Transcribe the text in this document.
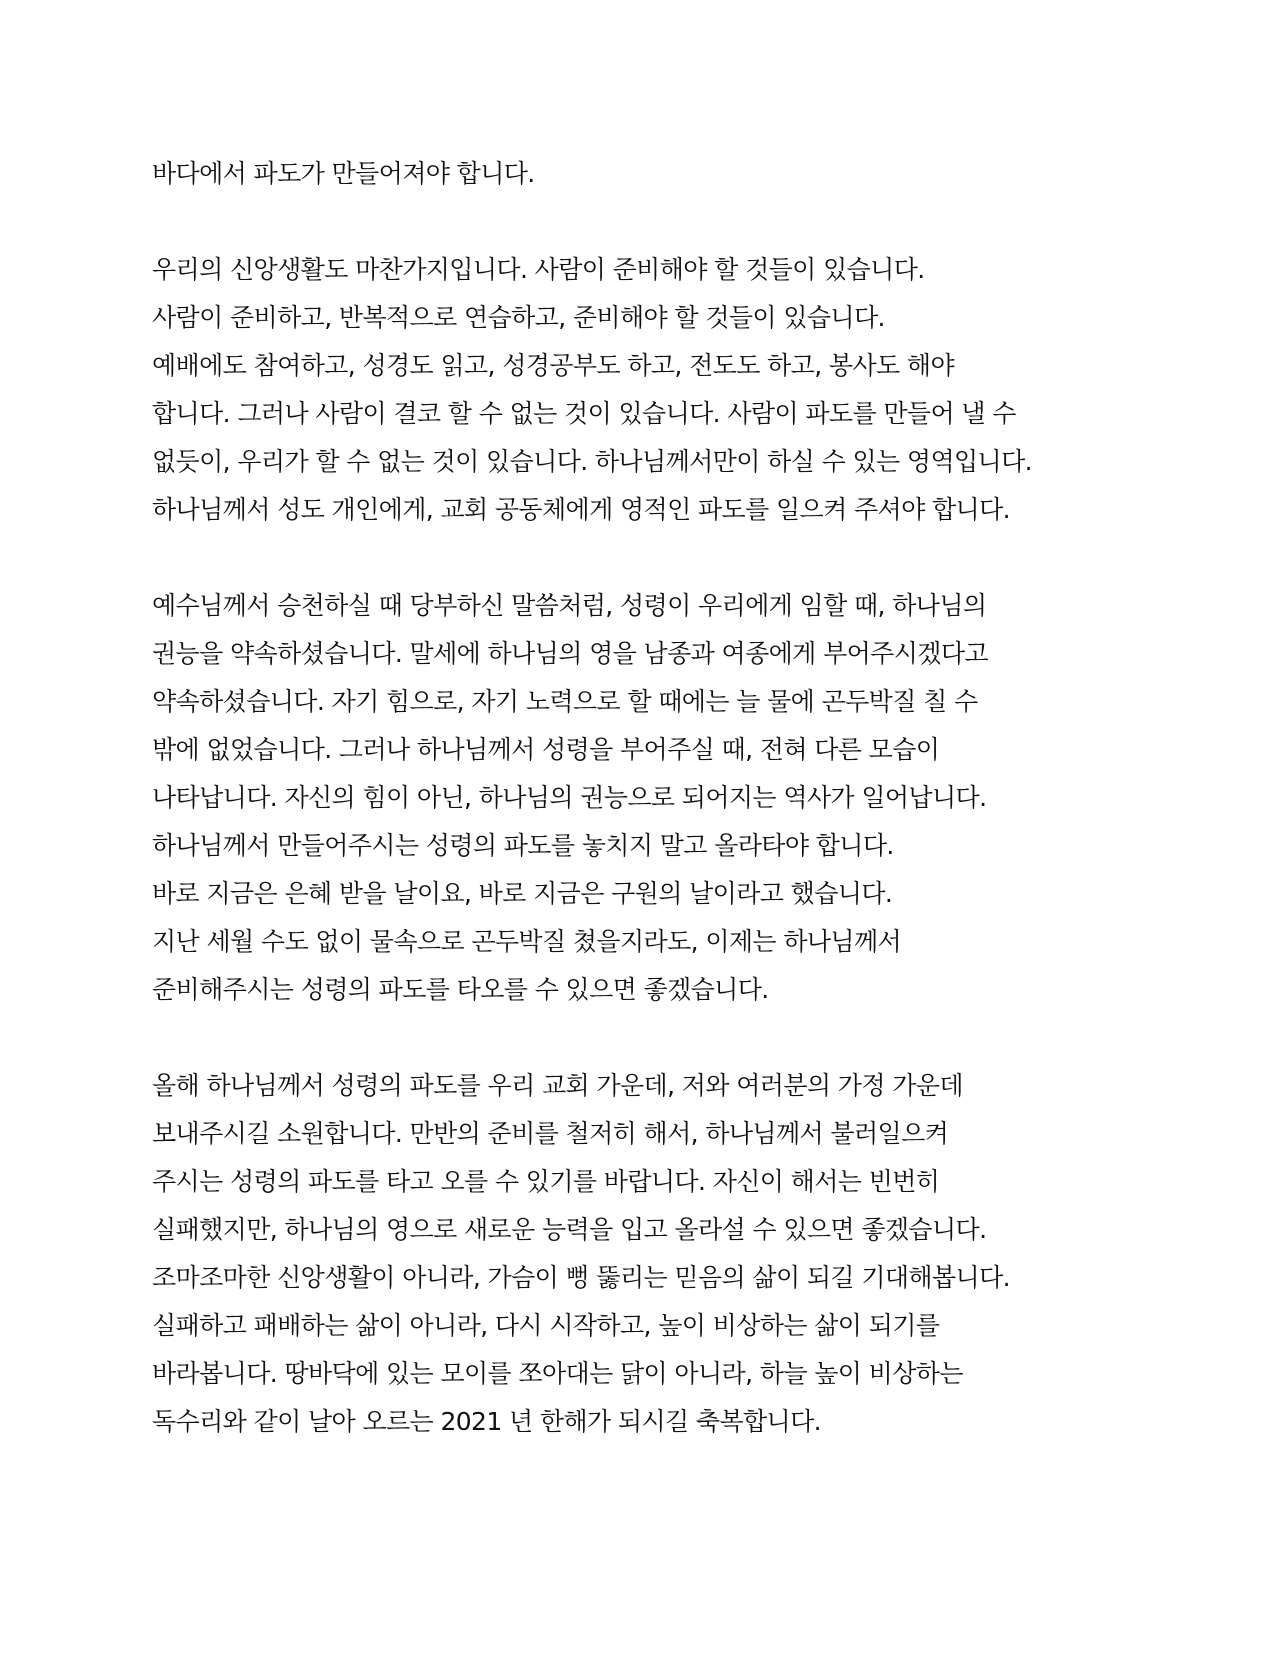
바다에서 파도가 만들어져야 합니다.
우리의 신앙생활도 마찬가지입니다. 사람이 준비해야 할 것들이 있습니다.
사람이 준비하고, 반복적으로 연습하고, 준비해야 할 것들이 있습니다.
예배에도 참여하고, 성경도 읽고, 성경공부도 하고, 전도도 하고, 봉사도 해야
합니다. 그러나 사람이 결코 할 수 없는 것이 있습니다. 사람이 파도를 만들어 낼 수
없듯이, 우리가 할 수 없는 것이 있습니다. 하나님께서만이 하실 수 있는 영역입니다.
하나님께서 성도 개인에게, 교회 공동체에게 영적인 파도를 일으켜 주셔야 합니다.
예수님께서 승천하실 때 당부하신 말씀처럼, 성령이 우리에게 임할 때, 하나님의
권능을 약속하셨습니다. 말세에 하나님의 영을 남종과 여종에게 부어주시겠다고
약속하셨습니다. 자기 힘으로, 자기 노력으로 할 때에는 늘 물에 곤두박질 칠 수
밖에 없었습니다. 그러나 하나님께서 성령을 부어주실 때, 전혀 다른 모습이
나타납니다. 자신의 힘이 아닌, 하나님의 권능으로 되어지는 역사가 일어납니다.
하나님께서 만들어주시는 성령의 파도를 놓치지 말고 올라타야 합니다.
바로 지금은 은혜 받을 날이요, 바로 지금은 구원의 날이라고 했습니다.
지난 세월 수도 없이 물속으로 곤두박질 쳤을지라도, 이제는 하나님께서
준비해주시는 성령의 파도를 타오를 수 있으면 좋겠습니다.
올해 하나님께서 성령의 파도를 우리 교회 가운데, 저와 여러분의 가정 가운데
보내주시길 소원합니다. 만반의 준비를 철저히 해서, 하나님께서 불러일으켜
주시는 성령의 파도를 타고 오를 수 있기를 바랍니다. 자신이 해서는 빈번히
실패했지만, 하나님의 영으로 새로운 능력을 입고 올라설 수 있으면 좋겠습니다.
조마조마한 신앙생활이 아니라, 가슴이 뻥 뚫리는 믿음의 삶이 되길 기대해봅니다.
실패하고 패배하는 삶이 아니라, 다시 시작하고, 높이 비상하는 삶이 되기를
바라봅니다. 땅바닥에 있는 모이를 쪼아대는 닭이 아니라, 하늘 높이 비상하는
독수리와 같이 날아 오르는 2021 년 한해가 되시길 축복합니다.
